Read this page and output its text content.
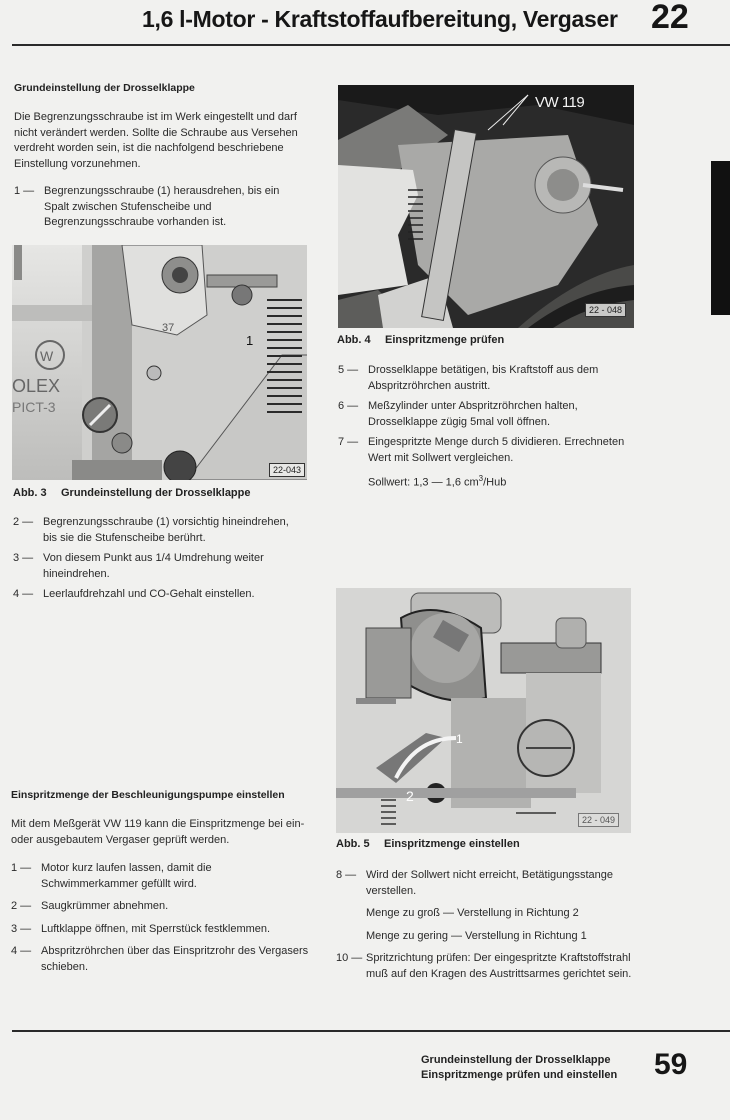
1,6 l-Motor - Kraftstoffaufbereitung, Vergaser 22
Grundeinstellung der Drosselklappe
Die Begrenzungsschraube ist im Werk eingestellt und darf nicht verändert werden. Sollte die Schraube aus Versehen verdreht worden sein, ist die nachfolgend beschriebene Einstellung vorzunehmen.
1 — Begrenzungsschraube (1) herausdrehen, bis ein Spalt zwischen Stufenscheibe und Begrenzungsschraube vorhanden ist.
37
W
OLEX
PICT-3
1
22-043
Abb. 3 Grundeinstellung der Drosselklappe
2 — Begrenzungsschraube (1) vorsichtig hineindrehen, bis sie die Stufenscheibe berührt.
3 — Von diesem Punkt aus 1/4 Umdrehung weiter hineindrehen.
4 — Leerlaufdrehzahl und CO-Gehalt einstellen.
Einspritzmenge der Beschleunigungspumpe einstellen
Mit dem Meßgerät VW 119 kann die Einspritzmenge bei ein- oder ausgebautem Vergaser geprüft werden.
1 — Motor kurz laufen lassen, damit die Schwimmerkammer gefüllt wird.
2 — Saugkrümmer abnehmen.
3 — Luftklappe öffnen, mit Sperrstück festklemmen.
4 — Abspritzröhrchen über das Einspritzrohr des Vergasers schieben.
VW 119
22 - 048
Abb. 4 Einspritzmenge prüfen
5 — Drosselklappe betätigen, bis Kraftstoff aus dem Abspritzröhrchen austritt.
6 — Meßzylinder unter Abspritzröhrchen halten, Drosselklappe zügig 5mal voll öffnen.
7 — Eingespritzte Menge durch 5 dividieren. Errechneten Wert mit Sollwert vergleichen.
Sollwert: 1,3 — 1,6 $cm^3$/Hub
2
1
22 - 049
Abb. 5 Einspritzmenge einstellen
8 — Wird der Sollwert nicht erreicht, Betätigungsstange verstellen.
Menge zu groß — Verstellung in Richtung 2
Menge zu gering — Verstellung in Richtung 1
10 — Spritzrichtung prüfen: Der eingespritzte Kraftstoffstrahl muß auf den Kragen des Austrittsarmes gerichtet sein.
Grundeinstellung der Drosselklappe
Einspritzmenge prüfen und einstellen 59
